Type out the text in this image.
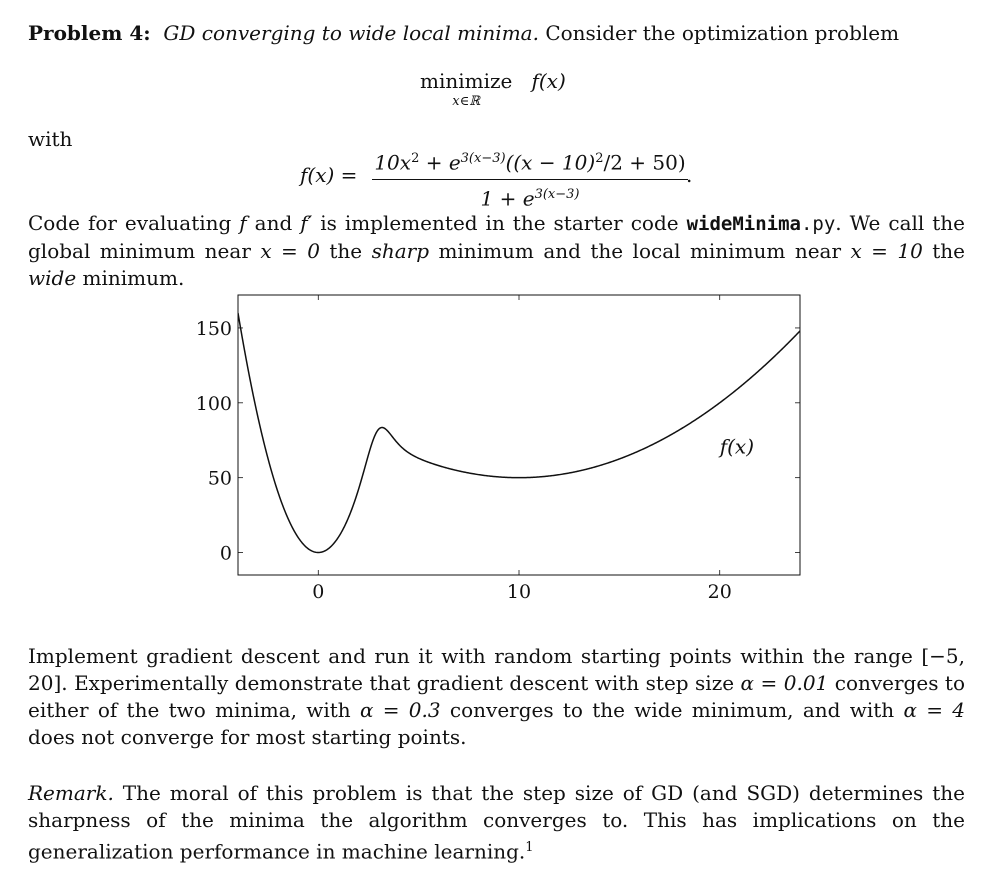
Problem 4: GD converging to wide local minima. Consider the optimization problem
minimize
x∈ℝ
f(x)
with
f(x) =
$10x^2 + e^{3(x-3)}((x - 10)^2/2 + 50)$
$1 + e^{3(x-3)}$
.
Code for evaluating f and f′ is implemented in the starter code wideMinima.py. We call the global minimum near x = 0 the sharp minimum and the local minimum near x = 10 the wide minimum.
0	10	20
0
50
100
150
f(x)
Implement gradient descent and run it with random starting points within the range [−5, 20]. Experimentally demonstrate that gradient descent with step size α = 0.01 converges to either of the two minima, with α = 0.3 converges to the wide minimum, and with α = 4 does not converge for most starting points.
Remark. The moral of this problem is that the step size of GD (and SGD) determines the sharpness of the minima the algorithm converges to. This has implications on the generalization performance in machine learning.$^1$
